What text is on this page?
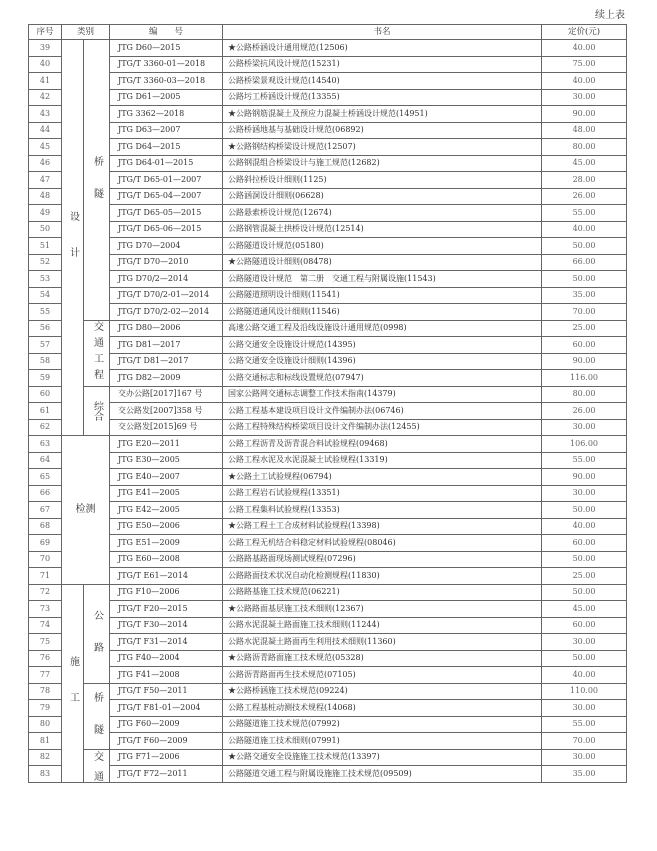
续上表
序号	类别		编　　号	书名	定价(元)
39	设　计	桥　隧	JTG D60—2015	★公路桥涵设计通用规范(12506)	40.00
40			JTG/T 3360-01—2018	公路桥梁抗风设计规范(15231)	75.00
41			JTG/T 3360-03—2018	公路桥梁景观设计规范(14540)	40.00
42			JTG D61—2005	公路圬工桥涵设计规范(13355)	30.00
43			JTG 3362—2018	★公路钢筋混凝土及预应力混凝土桥涵设计规范(14951)	90.00
44			JTG D63—2007	公路桥涵地基与基础设计规范(06892)	48.00
45			JTG D64—2015	★公路钢结构桥梁设计规范(12507)	80.00
46			JTG D64-01—2015	公路钢混组合桥梁设计与施工规范(12682)	45.00
47			JTG/T D65-01—2007	公路斜拉桥设计细则(1125)	28.00
48			JTG/T D65-04—2007	公路涵洞设计细则(06628)	26.00
49			JTG/T D65-05—2015	公路悬索桥设计规范(12674)	55.00
50			JTG/T D65-06—2015	公路钢管混凝土拱桥设计规范(12514)	40.00
51			JTG D70—2004	公路隧道设计规范(05180)	50.00
52			JTG/T D70—2010	★公路隧道设计细则(08478)	66.00
53			JTG D70/2—2014	公路隧道设计规范　第二册　交通工程与附属设施(11543)	50.00
54			JTG/T D70/2-01—2014	公路隧道照明设计细则(11541)	35.00
55			JTG/T D70/2-02—2014	公路隧道通风设计细则(11546)	70.00
56		交通工程	JTG D80—2006	高速公路交通工程及沿线设施设计通用规范(0998)	25.00
57			JTG D81—2017	公路交通安全设施设计规范(14395)	60.00
58			JTG/T D81—2017	公路交通安全设施设计细则(14396)	90.00
59			JTG D82—2009	公路交通标志和标线设置规范(07947)	116.00
60		综合	交办公路[2017]167 号	国家公路网交通标志调整工作技术指南(14379)	80.00
61			交公路发[2007]358 号	公路工程基本建设项目设计文件编制办法(06746)	26.00
62			交公路发[2015]69 号	公路工程特殊结构桥梁项目设计文件编制办法(12455)	30.00
63	检测		JTG E20—2011	公路工程沥青及沥青混合料试验规程(09468)	106.00
64			JTG E30—2005	公路工程水泥及水泥混凝土试验规程(13319)	55.00
65			JTG E40—2007	★公路土工试验规程(06794)	90.00
66			JTG E41—2005	公路工程岩石试验规程(13351)	30.00
67			JTG E42—2005	公路工程集料试验规程(13353)	50.00
68			JTG E50—2006	★公路工程土工合成材料试验规程(13398)	40.00
69			JTG E51—2009	公路工程无机结合料稳定材料试验规程(08046)	60.00
70			JTG E60—2008	公路路基路面现场测试规程(07296)	50.00
71			JTG/T E61—2014	公路路面技术状况自动化检测规程(11830)	25.00
72	施　工	公　路	JTG F10—2006	公路路基施工技术规范(06221)	50.00
73			JTG/T F20—2015	★公路路面基层施工技术细则(12367)	45.00
74			JTG/T F30—2014	公路水泥混凝土路面施工技术细则(11244)	60.00
75			JTG/T F31—2014	公路水泥混凝土路面再生利用技术细则(11360)	30.00
76			JTG F40—2004	★公路沥青路面施工技术规范(05328)	50.00
77			JTG F41—2008	公路沥青路面再生技术规范(07105)	40.00
78		桥　隧	JTG/T F50—2011	★公路桥涵施工技术规范(09224)	110.00
79			JTG/T F81-01—2004	公路工程基桩动测技术规程(14068)	30.00
80			JTG F60—2009	公路隧道施工技术规范(07992)	55.00
81			JTG/T F60—2009	公路隧道施工技术细则(07991)	70.00
82		交　通	JTG F71—2006	★公路交通安全设施施工技术规范(13397)	30.00
83			JTG/T F72—2011	公路隧道交通工程与附属设施施工技术规范(09509)	35.00
